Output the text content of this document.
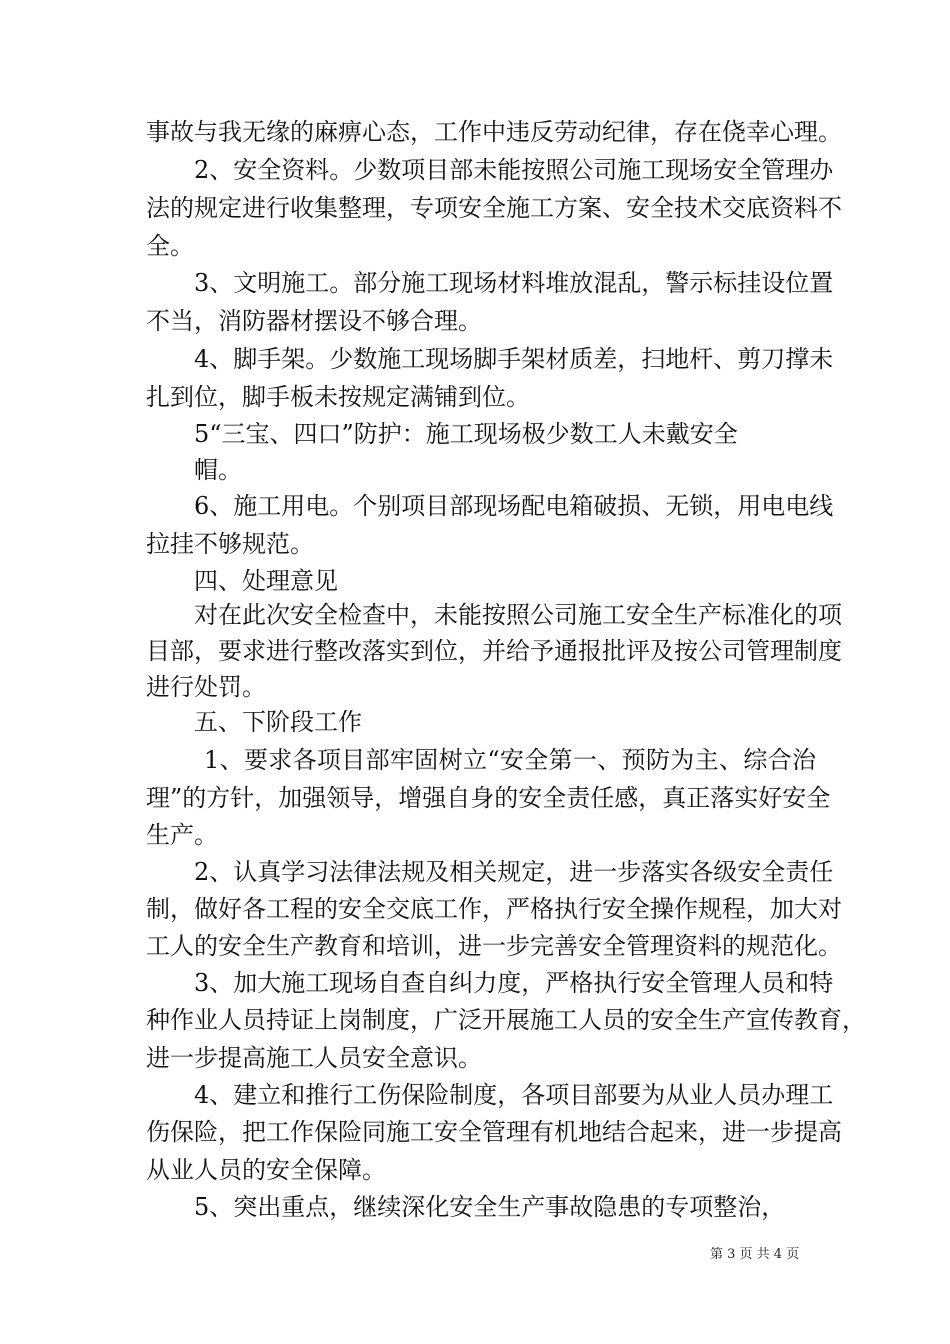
事故与我无缘的麻痹心态，工作中违反劳动纪律，存在侥幸心理。
2、安全资料。少数项目部未能按照公司施工现场安全管理办
法的规定进行收集整理，专项安全施工方案、安全技术交底资料不
全。
3、文明施工。部分施工现场材料堆放混乱，警示标挂设位置
不当，消防器材摆设不够合理。
4、脚手架。少数施工现场脚手架材质差，扫地杆、剪刀撑未
扎到位，脚手板未按规定满铺到位。
5“三宝、四口”防护：施工现场极少数工人未戴安全
帽。
6、施工用电。个别项目部现场配电箱破损、无锁，用电电线
拉挂不够规范。
四、处理意见
对在此次安全检查中，未能按照公司施工安全生产标准化的项
目部，要求进行整改落实到位，并给予通报批评及按公司管理制度
进行处罚。
五、下阶段工作
1、要求各项目部牢固树立“安全第一、预防为主、综合治
理”的方针，加强领导，增强自身的安全责任感，真正落实好安全
生产。
2、认真学习法律法规及相关规定，进一步落实各级安全责任
制，做好各工程的安全交底工作，严格执行安全操作规程，加大对
工人的安全生产教育和培训，进一步完善安全管理资料的规范化。
3、加大施工现场自查自纠力度，严格执行安全管理人员和特
种作业人员持证上岗制度，广泛开展施工人员的安全生产宣传教育，
进一步提高施工人员安全意识。
4、建立和推行工伤保险制度，各项目部要为从业人员办理工
伤保险，把工作保险同施工安全管理有机地结合起来，进一步提高
从业人员的安全保障。
5、突出重点，继续深化安全生产事故隐患的专项整治，
第 3 页 共 4 页
